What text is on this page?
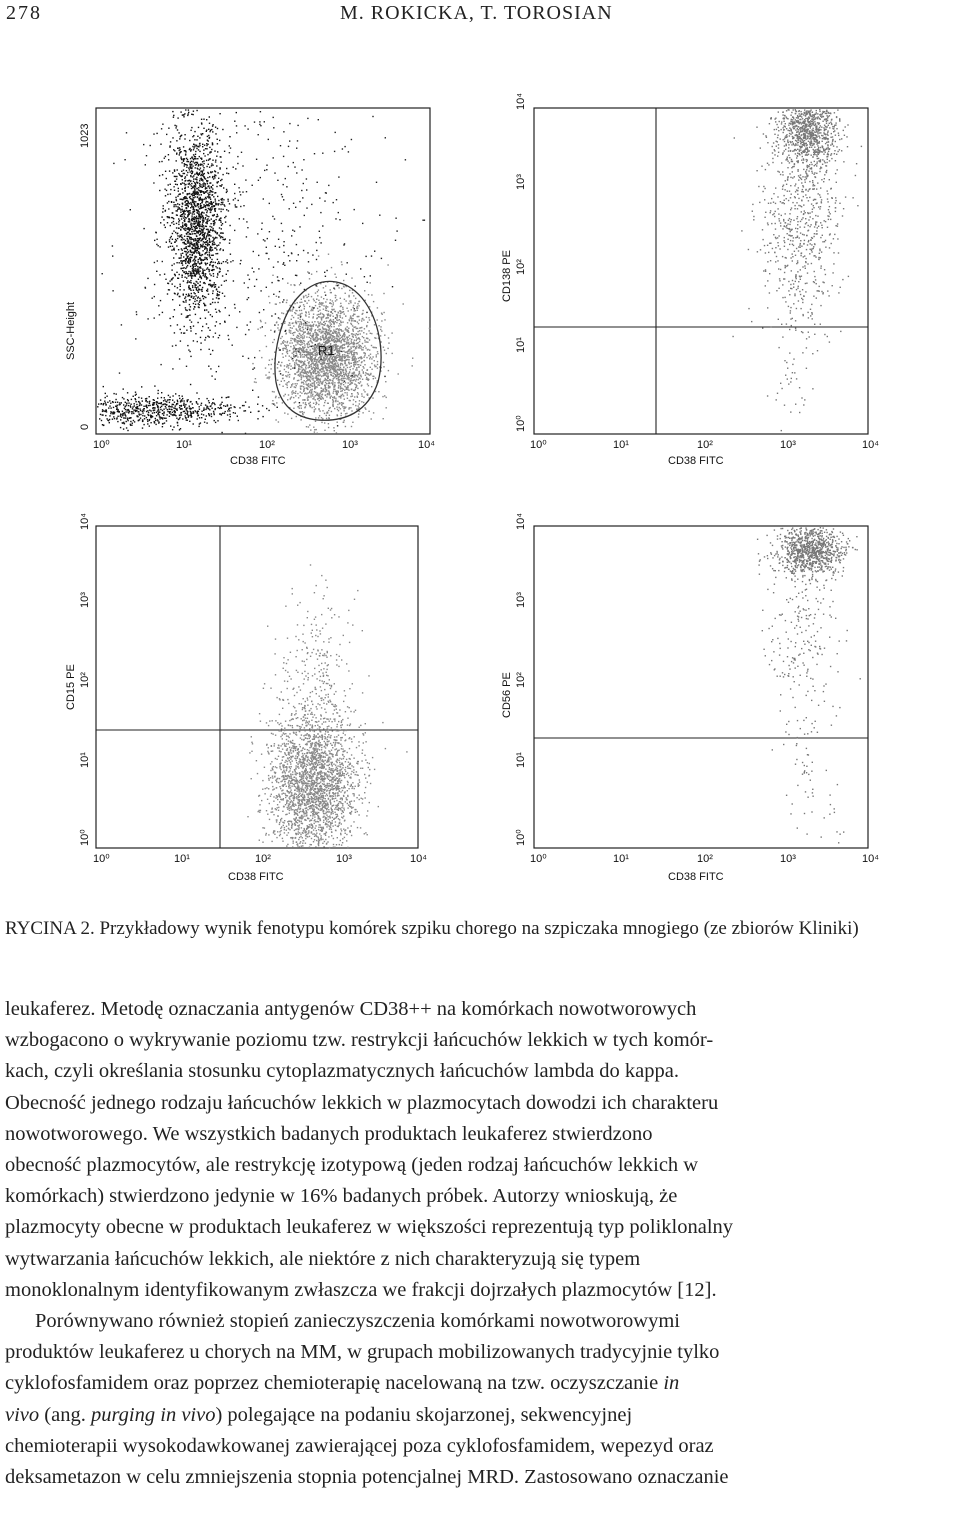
278	M. ROKICKA, T. TOROSIAN
R1
SSC-Height
0
1023
10⁰	10¹	10²	10³	10⁴
CD38 FITC
CD138 PE
10⁰
10¹
10²
10³
10⁴
10⁰	10¹	10²	10³	10⁴
CD38 FITC
CD15 PE
10⁰
10¹
10²
10³
10⁴
10⁰	10¹	10²	10³	10⁴
CD38 FITC
CD56 PE
10⁰
10¹
10²
10³
10⁴
10⁰	10¹	10²	10³	10⁴
CD38 FITC
RYCINA 2. Przykładowy wynik fenotypu komórek szpiku chorego na szpiczaka mnogiego (ze zbiorów Kliniki)

leukaferez. Metodę oznaczania antygenów CD38++ na komórkach nowotworowych
wzbogacono o wykrywanie poziomu tzw. restrykcji łańcuchów lekkich w tych komór-
kach, czyli określania stosunku cytoplazmatycznych łańcuchów lambda do kappa.
Obecność jednego rodzaju łańcuchów lekkich w plazmocytach dowodzi ich charakteru
nowotworowego. We wszystkich badanych produktach leukaferez stwierdzono
obecność plazmocytów, ale restrykcję izotypową (jeden rodzaj łańcuchów lekkich w
komórkach) stwierdzono jedynie w 16% badanych próbek. Autorzy wnioskują, że
plazmocyty obecne w produktach leukaferez w większości reprezentują typ poliklonalny
wytwarzania łańcuchów lekkich, ale niektóre z nich charakteryzują się typem
monoklonalnym identyfikowanym zwłaszcza we frakcji dojrzałych plazmocytów [12].

Porównywano również stopień zanieczyszczenia komórkami nowotworowymi
produktów leukaferez u chorych na MM, w grupach mobilizowanych tradycyjnie tylko
cyklofosfamidem oraz poprzez chemioterapię nacelowaną na tzw. oczyszczanie in
vivo (ang. purging in vivo) polegające na podaniu skojarzonej, sekwencyjnej
chemioterapii wysokodawkowanej zawierającej poza cyklofosfamidem, wepezyd oraz
deksametazon w celu zmniejszenia stopnia potencjalnej MRD. Zastosowano oznaczanie
